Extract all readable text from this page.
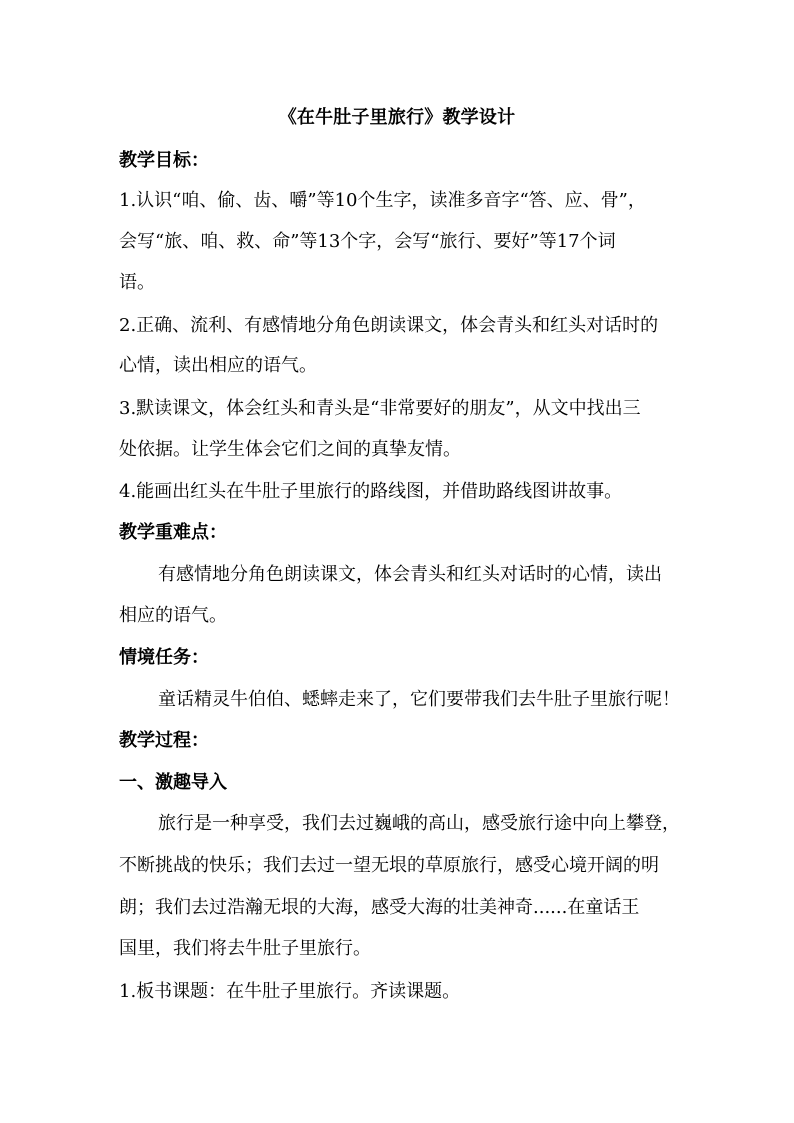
《在牛肚子里旅行》教学设计
教学目标：
1.认识“咱、偷、齿、嚼”等10个生字，读准多音字“答、应、骨”，
会写“旅、咱、救、命”等13个字，会写“旅行、要好”等17个词
语。
2.正确、流利、有感情地分角色朗读课文，体会青头和红头对话时的
心情，读出相应的语气。
3.默读课文，体会红头和青头是“非常要好的朋友”，从文中找出三
处依据。让学生体会它们之间的真挚友情。
4.能画出红头在牛肚子里旅行的路线图，并借助路线图讲故事。
教学重难点：
有感情地分角色朗读课文，体会青头和红头对话时的心情，读出
相应的语气。
情境任务：
童话精灵牛伯伯、蟋蟀走来了，它们要带我们去牛肚子里旅行呢！
教学过程：
一、激趣导入
旅行是一种享受，我们去过巍峨的高山，感受旅行途中向上攀登，
不断挑战的快乐；我们去过一望无垠的草原旅行，感受心境开阔的明
朗；我们去过浩瀚无垠的大海，感受大海的壮美神奇......在童话王
国里，我们将去牛肚子里旅行。
1.板书课题：在牛肚子里旅行。齐读课题。
